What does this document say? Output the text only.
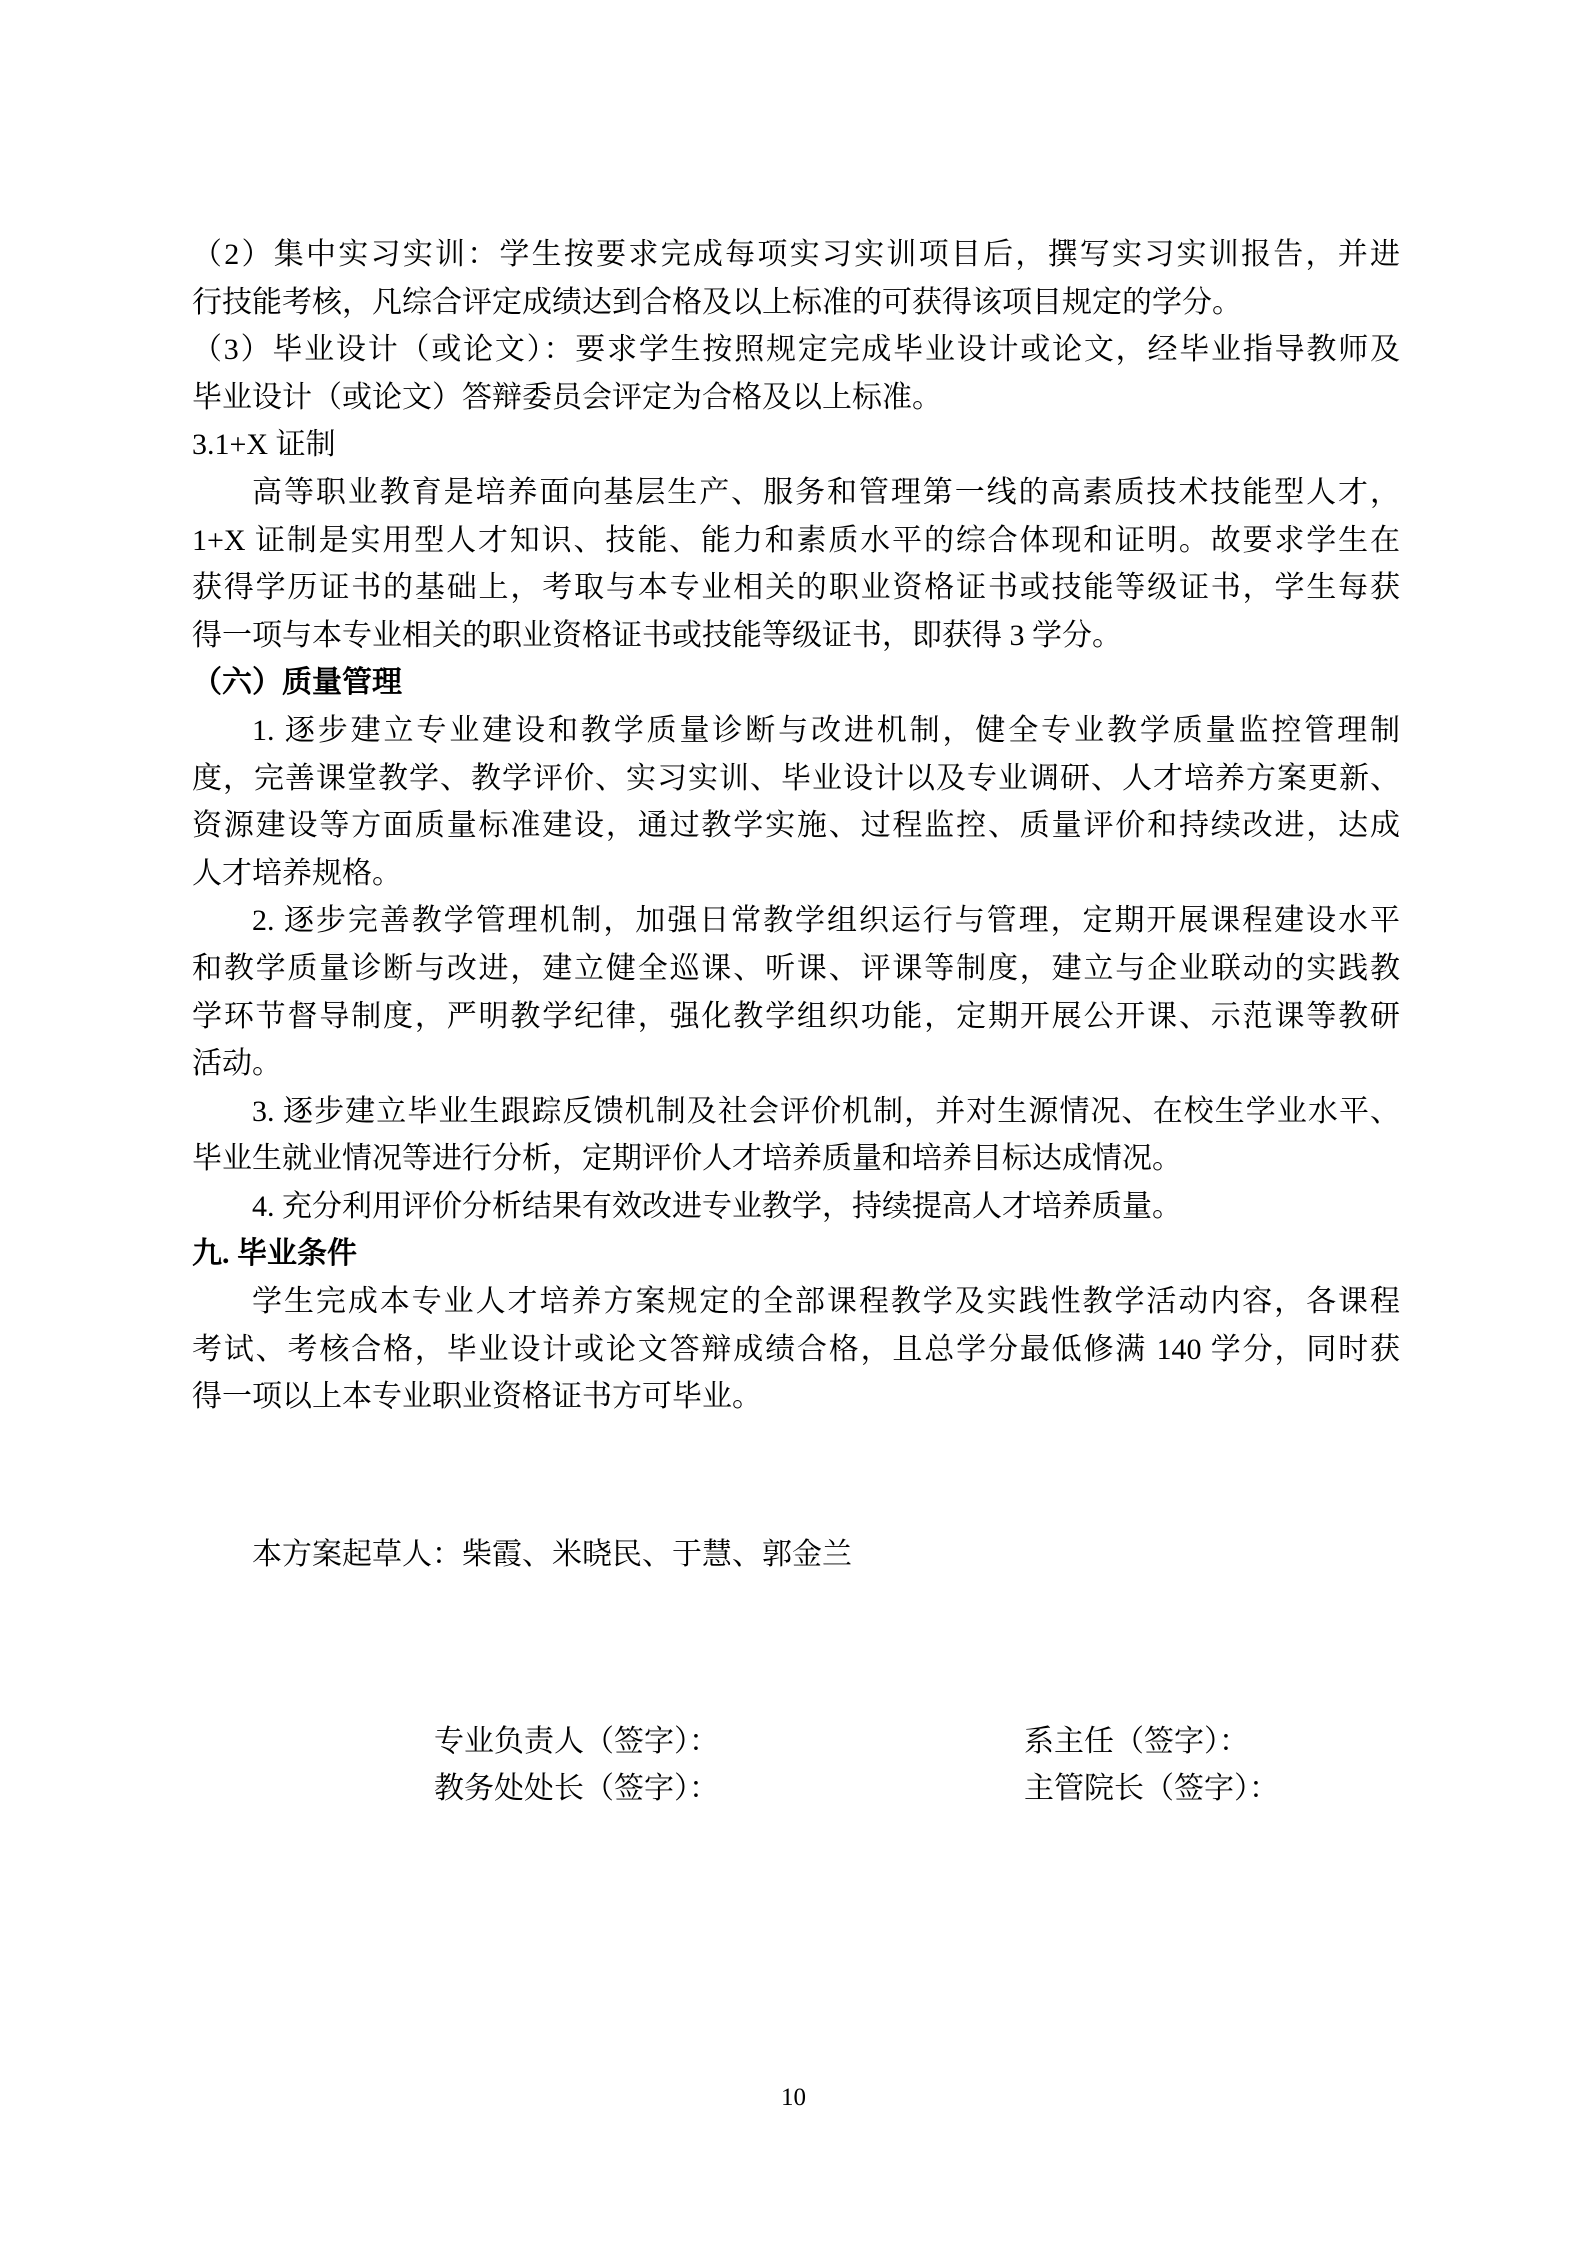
（2）集中实习实训：学生按要求完成每项实习实训项目后，撰写实习实训报告，并进
行技能考核，凡综合评定成绩达到合格及以上标准的可获得该项目规定的学分。
（3）毕业设计（或论文）：要求学生按照规定完成毕业设计或论文，经毕业指导教师及
毕业设计（或论文）答辩委员会评定为合格及以上标准。
3.1+X 证制
高等职业教育是培养面向基层生产、服务和管理第一线的高素质技术技能型人才，
1+X 证制是实用型人才知识、技能、能力和素质水平的综合体现和证明。故要求学生在
获得学历证书的基础上，考取与本专业相关的职业资格证书或技能等级证书，学生每获
得一项与本专业相关的职业资格证书或技能等级证书，即获得 3 学分。
（六）质量管理
1. 逐步建立专业建设和教学质量诊断与改进机制，健全专业教学质量监控管理制
度，完善课堂教学、教学评价、实习实训、毕业设计以及专业调研、人才培养方案更新、
资源建设等方面质量标准建设，通过教学实施、过程监控、质量评价和持续改进，达成
人才培养规格。
2. 逐步完善教学管理机制，加强日常教学组织运行与管理，定期开展课程建设水平
和教学质量诊断与改进，建立健全巡课、听课、评课等制度，建立与企业联动的实践教
学环节督导制度，严明教学纪律，强化教学组织功能，定期开展公开课、示范课等教研
活动。
3. 逐步建立毕业生跟踪反馈机制及社会评价机制，并对生源情况、在校生学业水平、
毕业生就业情况等进行分析，定期评价人才培养质量和培养目标达成情况。
4. 充分利用评价分析结果有效改进专业教学，持续提高人才培养质量。
九. 毕业条件
学生完成本专业人才培养方案规定的全部课程教学及实践性教学活动内容，各课程
考试、考核合格，毕业设计或论文答辩成绩合格，且总学分最低修满 140 学分，同时获
得一项以上本专业职业资格证书方可毕业。
本方案起草人：柴霞、米晓民、于慧、郭金兰
专业负责人（签字）：	系主任（签字）：
教务处处长（签字）：	主管院长（签字）：
10
